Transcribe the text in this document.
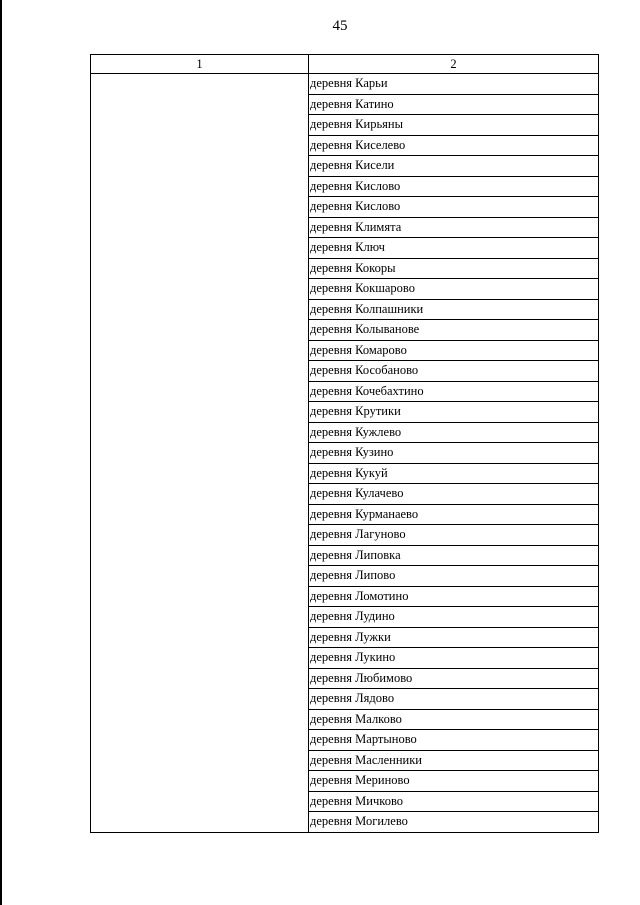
45
1	2
	деревня Карьи
	деревня Катино
	деревня Кирьяны
	деревня Киселево
	деревня Кисели
	деревня Кислово
	деревня Кислово
	деревня Климята
	деревня Ключ
	деревня Кокоры
	деревня Кокшарово
	деревня Колпашники
	деревня Колыванове
	деревня Комарово
	деревня Кособаново
	деревня Кочебахтино
	деревня Крутики
	деревня Кужлево
	деревня Кузино
	деревня Кукуй
	деревня Кулачево
	деревня Курманаево
	деревня Лагуново
	деревня Липовка
	деревня Липово
	деревня Ломотино
	деревня Лудино
	деревня Лужки
	деревня Лукино
	деревня Любимово
	деревня Лядово
	деревня Малково
	деревня Мартыново
	деревня Масленники
	деревня Мериново
	деревня Мичково
	деревня Могилево
